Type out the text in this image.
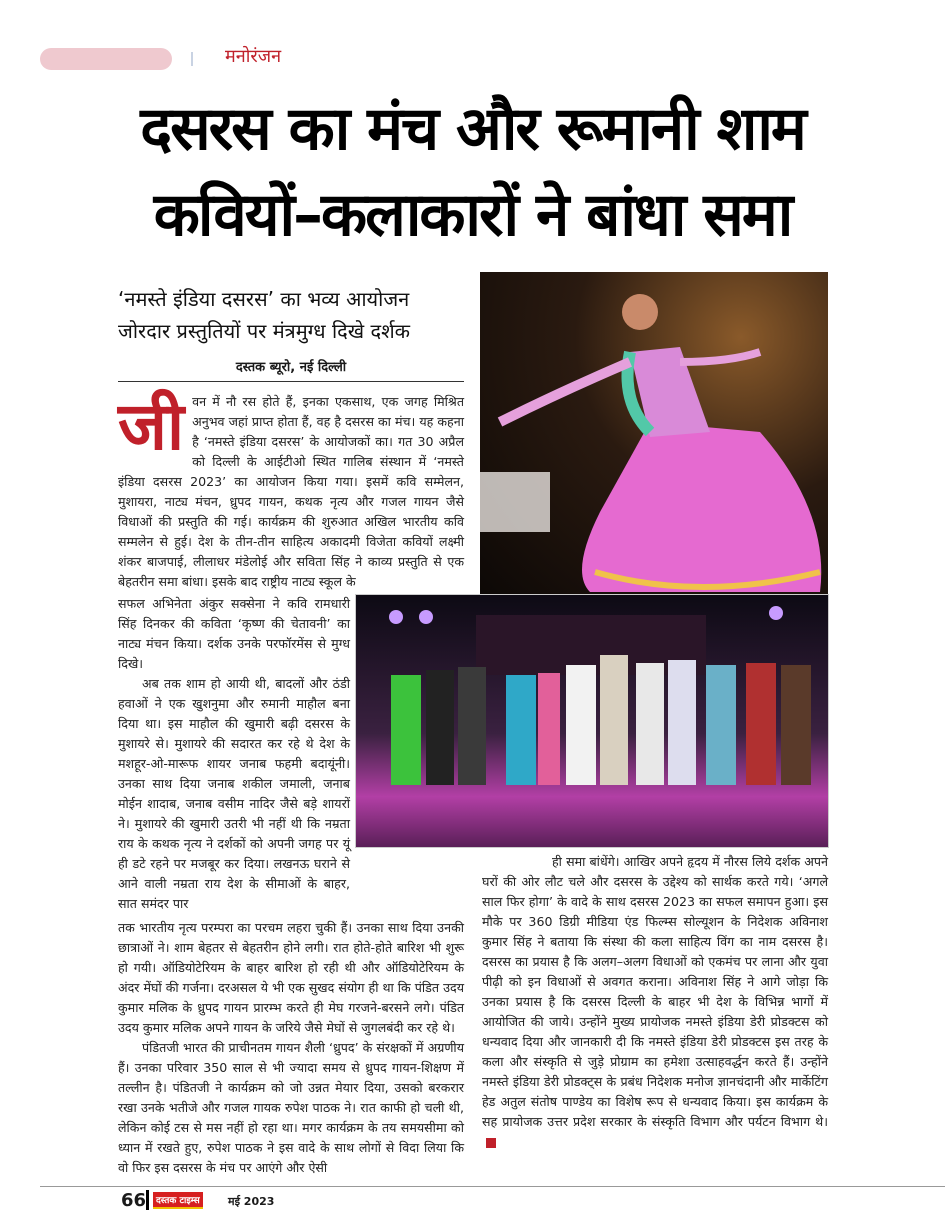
मनोरंजन
दसरस का मंच और रूमानी शाम
कवियों–कलाकारों ने बांधा समा
‘नमस्ते इंडिया दसरस’ का भव्य आयोजन
जोरदार प्रस्तुतियों पर मंत्रमुग्ध दिखे दर्शक
दस्तक ब्यूरो, नई दिल्ली
जी वन में नौ रस होते हैं, इनका एकसाथ, एक जगह मिश्रित अनुभव जहां प्राप्त होता हैं, वह है दसरस का मंच। यह कहना है ‘नमस्ते इंडिया दसरस’ के आयोजकों का। गत 30 अप्रैल को दिल्ली के आईटीओ स्थित गालिब संस्थान में ‘नमस्ते इंडिया दसरस 2023’ का आयोजन किया गया। इसमें कवि सम्मेलन, मुशायरा, नाट्य मंचन, ध्रुपद गायन, कथक नृत्य और गजल गायन जैसे विधाओं की प्रस्तुति की गई। कार्यक्रम की शुरुआत अखिल भारतीय कवि सम्मलेन से हुई। देश के तीन-तीन साहित्य अकादमी विजेता कवियों लक्ष्मी शंकर बाजपाई, लीलाधर मंडेलोई और सविता सिंह ने काव्य प्रस्तुति से एक बेहतरीन समा बांधा। इसके बाद राष्ट्रीय नाट्य स्कूल के

सफल अभिनेता अंकुर सक्सेना ने कवि रामधारी सिंह दिनकर की कविता ‘कृष्ण की चेतावनी’ का नाट्य मंचन किया। दर्शक उनके परफॉरमेंस से मुग्ध दिखे।

अब तक शाम हो आयी थी, बादलों और ठंडी हवाओं ने एक खुशनुमा और रुमानी माहौल बना दिया था। इस माहौल की खुमारी बढ़ी दसरस के मुशायरे से। मुशायरे की सदारत कर रहे थे देश के मशहूर-ओ-मारूफ शायर जनाब फहमी बदायूंनी। उनका साथ दिया जनाब शकील जमाली, जनाब मोईन शादाब, जनाब वसीम नादिर जैसे बड़े शायरों ने। मुशायरे की खुमारी उतरी भी नहीं थी कि नम्रता राय के कथक नृत्य ने दर्शकों को अपनी जगह पर यूं ही डटे रहने पर मजबूर कर दिया। लखनऊ घराने से आने वाली नम्रता राय देश के सीमाओं के बाहर, सात समंदर पार

तक भारतीय नृत्य परम्परा का परचम लहरा चुकी हैं। उनका साथ दिया उनकी छात्राओं ने। शाम बेहतर से बेहतरीन होने लगी। रात होते-होते बारिश भी शुरू हो गयी। ऑडियोटेरियम के बाहर बारिश हो रही थी और ऑडियोटेरियम के अंदर मेंघों की गर्जना। दरअसल ये भी एक सुखद संयोग ही था कि पंडित उदय कुमार मलिक के ध्रुपद गायन प्रारम्भ करते ही मेघ गरजने-बरसने लगे। पंडित उदय कुमार मलिक अपने गायन के जरिये जैसे मेघों से जुगलबंदी कर रहे थे।

पंडितजी भारत की प्राचीनतम गायन शैली ‘ध्रुपद’ के संरक्षकों में अग्रणीय हैं। उनका परिवार 350 साल से भी ज्यादा समय से ध्रुपद गायन-शिक्षण में तल्लीन है। पंडितजी ने कार्यक्रम को जो उन्नत मेयार दिया, उसको बरकरार रखा उनके भतीजे और गजल गायक रुपेश पाठक ने। रात काफी हो चली थी, लेकिन कोई टस से मस नहीं हो रहा था। मगर कार्यक्रम के तय समयसीमा को ध्यान में रखते हुए, रुपेश पाठक ने इस वादे के साथ लोगों से विदा लिया कि वो फिर इस दसरस के मंच पर आएंगे और ऐसी

ही समा बांधेंगे। आखिर अपने हृदय में नौरस लिये दर्शक अपने घरों की ओर लौट चले और दसरस के उद्देश्य को सार्थक करते गये। ‘अगले साल फिर होगा’ के वादे के साथ दसरस 2023 का सफल समापन हुआ। इस मौके पर 360 डिग्री मीडिया एंड फिल्म्स सोल्यूशन के निदेशक अविनाश कुमार सिंह ने बताया कि संस्था की कला साहित्य विंग का नाम दसरस है। दसरस का प्रयास है कि अलग–अलग विधाओं को एकमंच पर लाना और युवा पीढ़ी को इन विधाओं से अवगत कराना। अविनाश सिंह ने आगे जोड़ा कि उनका प्रयास है कि दसरस दिल्ली के बाहर भी देश के विभिन्न भागों में आयोजित की जाये। उन्होंने मुख्य प्रायोजक नमस्ते इंडिया डेरी प्रोडक्टस को धन्यवाद दिया और जानकारी दी कि नमस्ते इंडिया डेरी प्रोडक्टस इस तरह के कला और संस्कृति से जुड़े प्रोग्राम का हमेशा उत्साहवर्द्धन करते हैं। उन्होंने नमस्ते इंडिया डेरी प्रोडक्ट्स के प्रबंध निदेशक मनोज ज्ञानचंदानी और मार्केटिंग हेड अतुल संतोष पाण्डेय का विशेष रूप से धन्यवाद किया। इस कार्यक्रम के सह प्रायोजक उत्तर प्रदेश सरकार के संस्कृति विभाग और पर्यटन विभाग थे।

66	दस्तक टाइम्स	मई 2023
